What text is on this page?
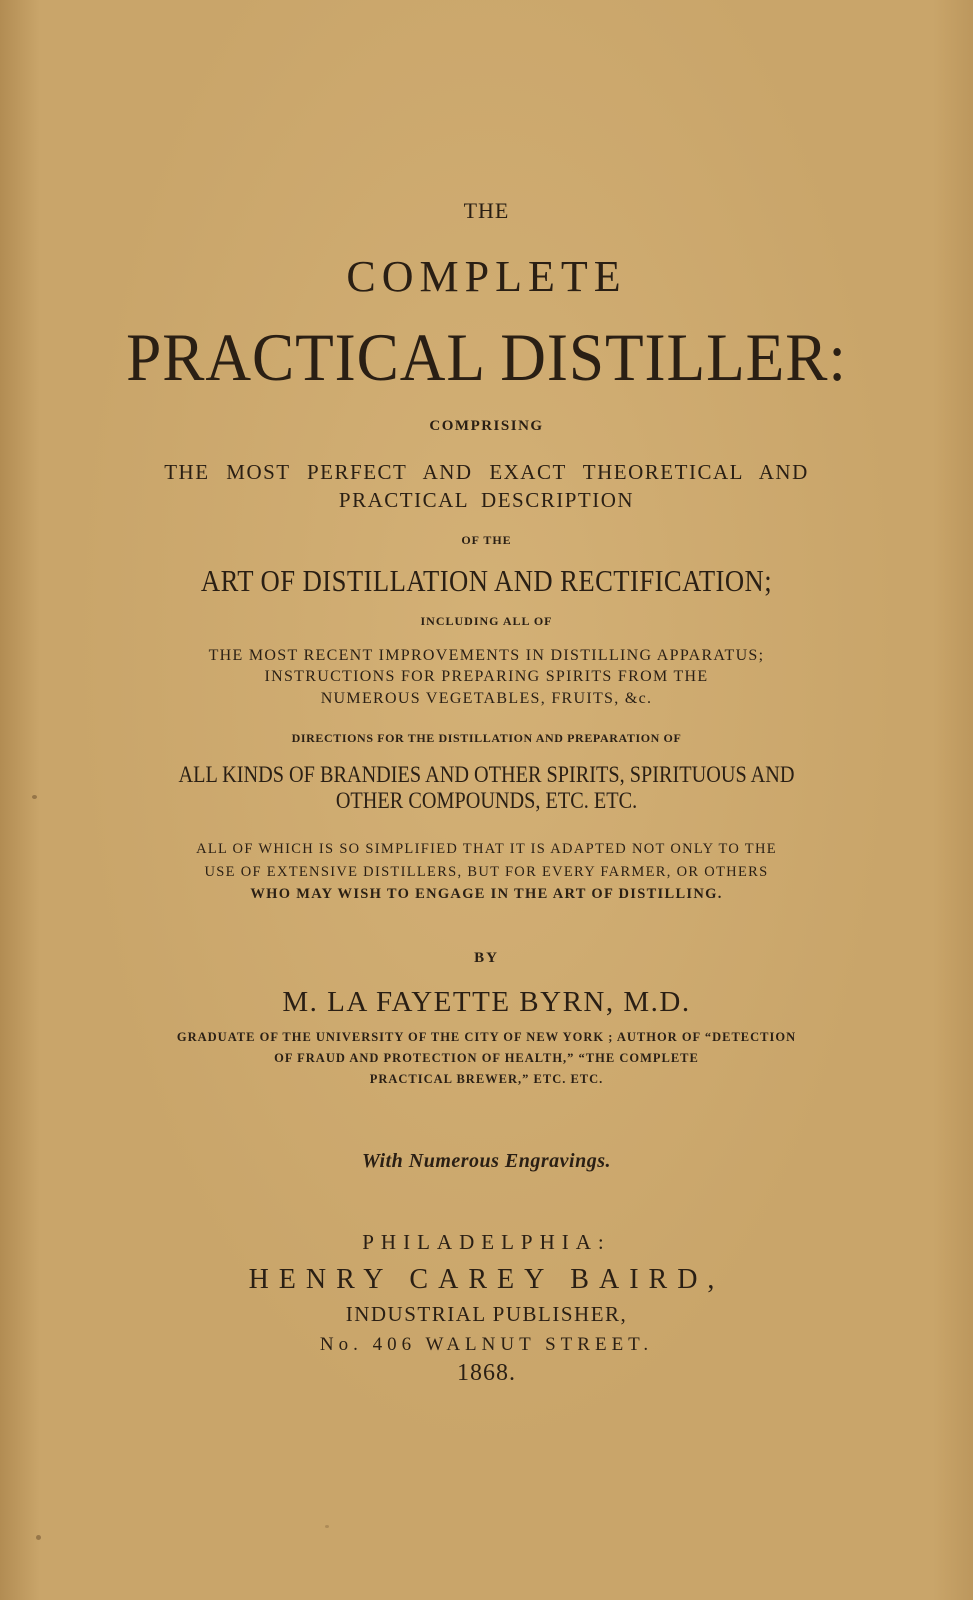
THE

COMPLETE

PRACTICAL DISTILLER:

COMPRISING

THE MOST PERFECT AND EXACT THEORETICAL AND

PRACTICAL DESCRIPTION

OF THE

ART OF DISTILLATION AND RECTIFICATION;

INCLUDING ALL OF

THE MOST RECENT IMPROVEMENTS IN DISTILLING APPARATUS;

INSTRUCTIONS FOR PREPARING SPIRITS FROM THE

NUMEROUS VEGETABLES, FRUITS, &c.

DIRECTIONS FOR THE DISTILLATION AND PREPARATION OF

ALL KINDS OF BRANDIES AND OTHER SPIRITS, SPIRITUOUS AND

OTHER COMPOUNDS, ETC. ETC.

ALL OF WHICH IS SO SIMPLIFIED THAT IT IS ADAPTED NOT ONLY TO THE

USE OF EXTENSIVE DISTILLERS, BUT FOR EVERY FARMER, OR OTHERS

WHO MAY WISH TO ENGAGE IN THE ART OF DISTILLING.

BY

M. LA FAYETTE BYRN, M.D.

GRADUATE OF THE UNIVERSITY OF THE CITY OF NEW YORK ; AUTHOR OF “DETECTION

OF FRAUD AND PROTECTION OF HEALTH,” “THE COMPLETE

PRACTICAL BREWER,” ETC. ETC.

With Numerous Engravings.

PHILADELPHIA:

HENRY CAREY BAIRD,

INDUSTRIAL PUBLISHER,

No. 406 WALNUT STREET.

1868.
